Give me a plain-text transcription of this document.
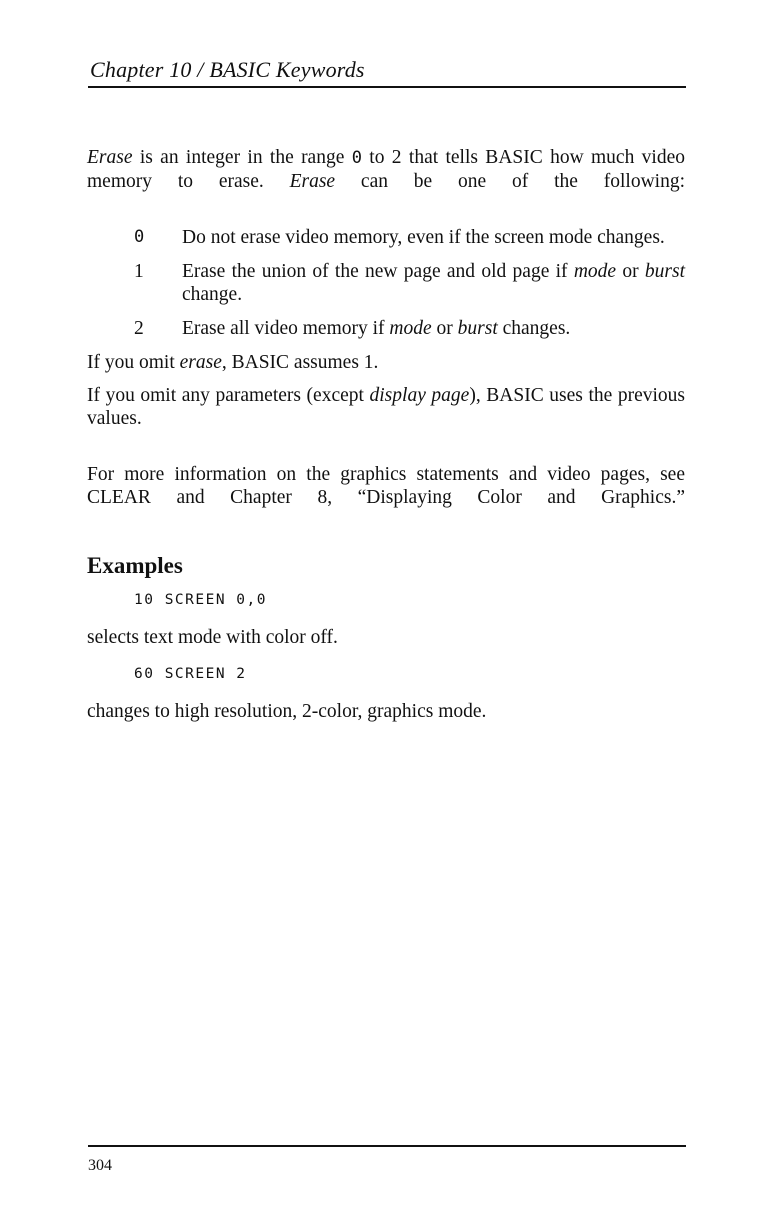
Chapter 10 / BASIC Keywords

Erase is an integer in the range 0 to 2 that tells BASIC how much video memory to erase. Erase can be one of the following:

0	Do not erase video memory, even if the screen mode changes.
1	Erase the union of the new page and old page if mode or burst change.
2	Erase all video memory if mode or burst changes.

If you omit erase, BASIC assumes 1.

If you omit any parameters (except display page), BASIC uses the previous values.

For more information on the graphics statements and video pages, see CLEAR and Chapter 8, “Displaying Color and Graphics.”

Examples
10 SCREEN 0,0
selects text mode with color off.
60 SCREEN 2
changes to high resolution, 2-color, graphics mode.
304
